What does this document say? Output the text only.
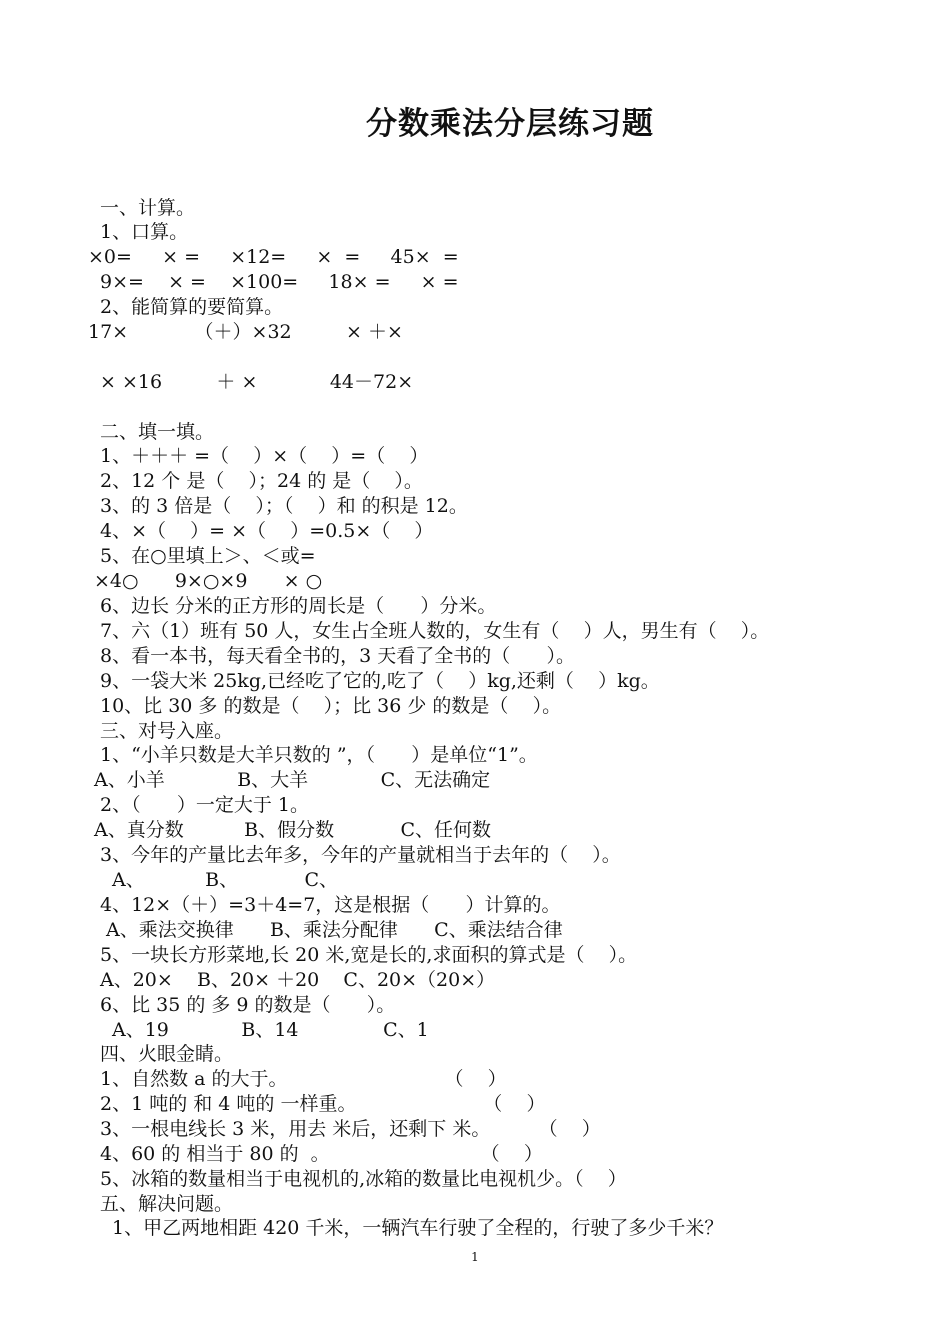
分数乘法分层练习题
一、计算。
1、口算。
×0=     × =     ×12=     ×  =     45×  =
9×=    × =    ×100=     18× =     × =
2、能简算的要简算。
17×           （＋）×32         × ＋×
× ×16         ＋ ×            44－72×
二、填一填。
1、＋＋＋ =（    ）×（    ）=（    ）
2、12 个 是（    ）；24 的 是（    ）。
3、的 3 倍是（    ）；（    ）和 的积是 12。
4、×（    ）= ×（    ）=0.5×（    ）
5、在○里填上＞、＜或=
×4○      9×○×9      × ○
6、边长 分米的正方形的周长是（      ）分米。
7、六（1）班有 50 人，女生占全班人数的，女生有（    ）人，男生有（    ）。
8、看一本书，每天看全书的，3 天看了全书的（      ）。
9、一袋大米 25kg,已经吃了它的,吃了（    ）kg,还剩（    ）kg。
10、比 30 多 的数是（    ）；比 36 少 的数是（    ）。
三、对号入座。
1、“小羊只数是大羊只数的 ”，（      ）是单位“1”。
A、小羊            B、大羊            C、无法确定
2、（      ）一定大于 1。
A、真分数          B、假分数           C、任何数
3、今年的产量比去年多，今年的产量就相当于去年的（    ）。
A、          B、           C、
4、12×（＋）=3＋4=7，这是根据（      ）计算的。
A、乘法交换律      B、乘法分配律      C、乘法结合律
5、一块长方形菜地,长 20 米,宽是长的,求面积的算式是（    ）。
A、20×    B、20× ＋20    C、20×（20×）
6、比 35 的 多 9 的数是（      ）。
A、19            B、14              C、1
四、火眼金睛。
1、自然数 a 的大于。                          （    ）
2、1 吨的 和 4 吨的 一样重。                     （    ）
3、一根电线长 3 米，用去 米后，还剩下 米。        （    ）
4、60 的 相当于 80 的  。                         （    ）
5、冰箱的数量相当于电视机的,冰箱的数量比电视机少。（    ）
五、解决问题。
1、甲乙两地相距 420 千米，一辆汽车行驶了全程的，行驶了多少千米？
1
